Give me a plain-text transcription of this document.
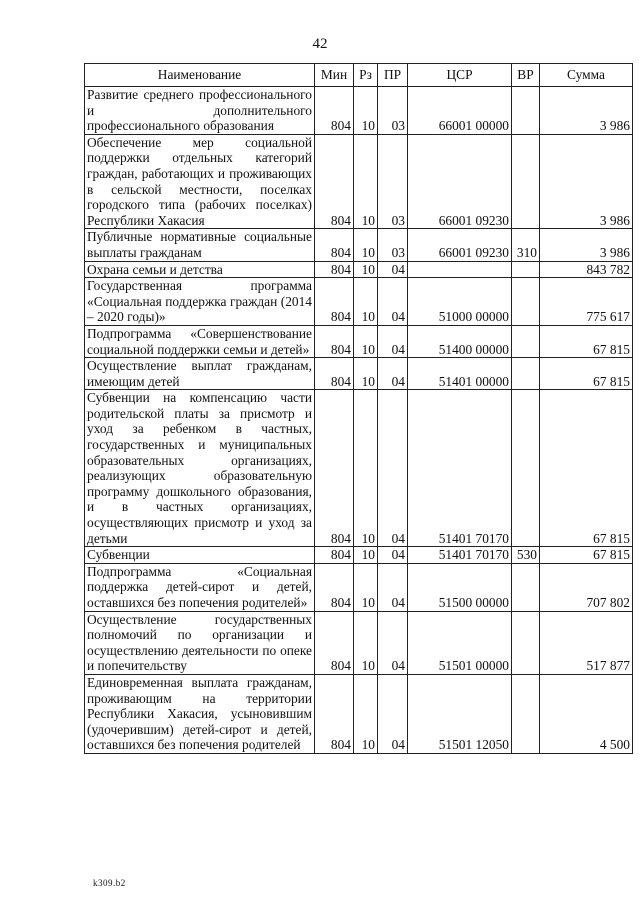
42
Наименование	Мин	Рз	ПР	ЦСР	ВР	Сумма
Развитие среднего профессионального и дополнительного профессионального образования	804	10	03	66001 00000		3 986
Обеспечение мер социальной поддержки отдельных категорий граждан, работающих и проживающих в сельской местности, поселках городского типа (рабочих поселках) Республики Хакасия	804	10	03	66001 09230		3 986
Публичные нормативные социальные выплаты гражданам	804	10	03	66001 09230	310	3 986
Охрана семьи и детства	804	10	04			843 782
Государственная программа «Социальная поддержка граждан (2014 – 2020 годы)»	804	10	04	51000 00000		775 617
Подпрограмма «Совершенствование социальной поддержки семьи и детей»	804	10	04	51400 00000		67 815
Осуществление выплат гражданам, имеющим детей	804	10	04	51401 00000		67 815
Субвенции на компенсацию части родительской платы за присмотр и уход за ребенком в частных, государственных и муниципальных образовательных организациях, реализующих образовательную программу дошкольного образования, и в частных организациях, осуществляющих присмотр и уход за детьми	804	10	04	51401 70170		67 815
Субвенции	804	10	04	51401 70170	530	67 815
Подпрограмма «Социальная поддержка детей-сирот и детей, оставшихся без попечения родителей»	804	10	04	51500 00000		707 802
Осуществление государственных полномочий по организации и осуществлению деятельности по опеке и попечительству	804	10	04	51501 00000		517 877
Единовременная выплата гражданам, проживающим на территории Республики Хакасия, усыновившим (удочерившим) детей-сирот и детей, оставшихся без попечения родителей	804	10	04	51501 12050		4 500
k309.b2
